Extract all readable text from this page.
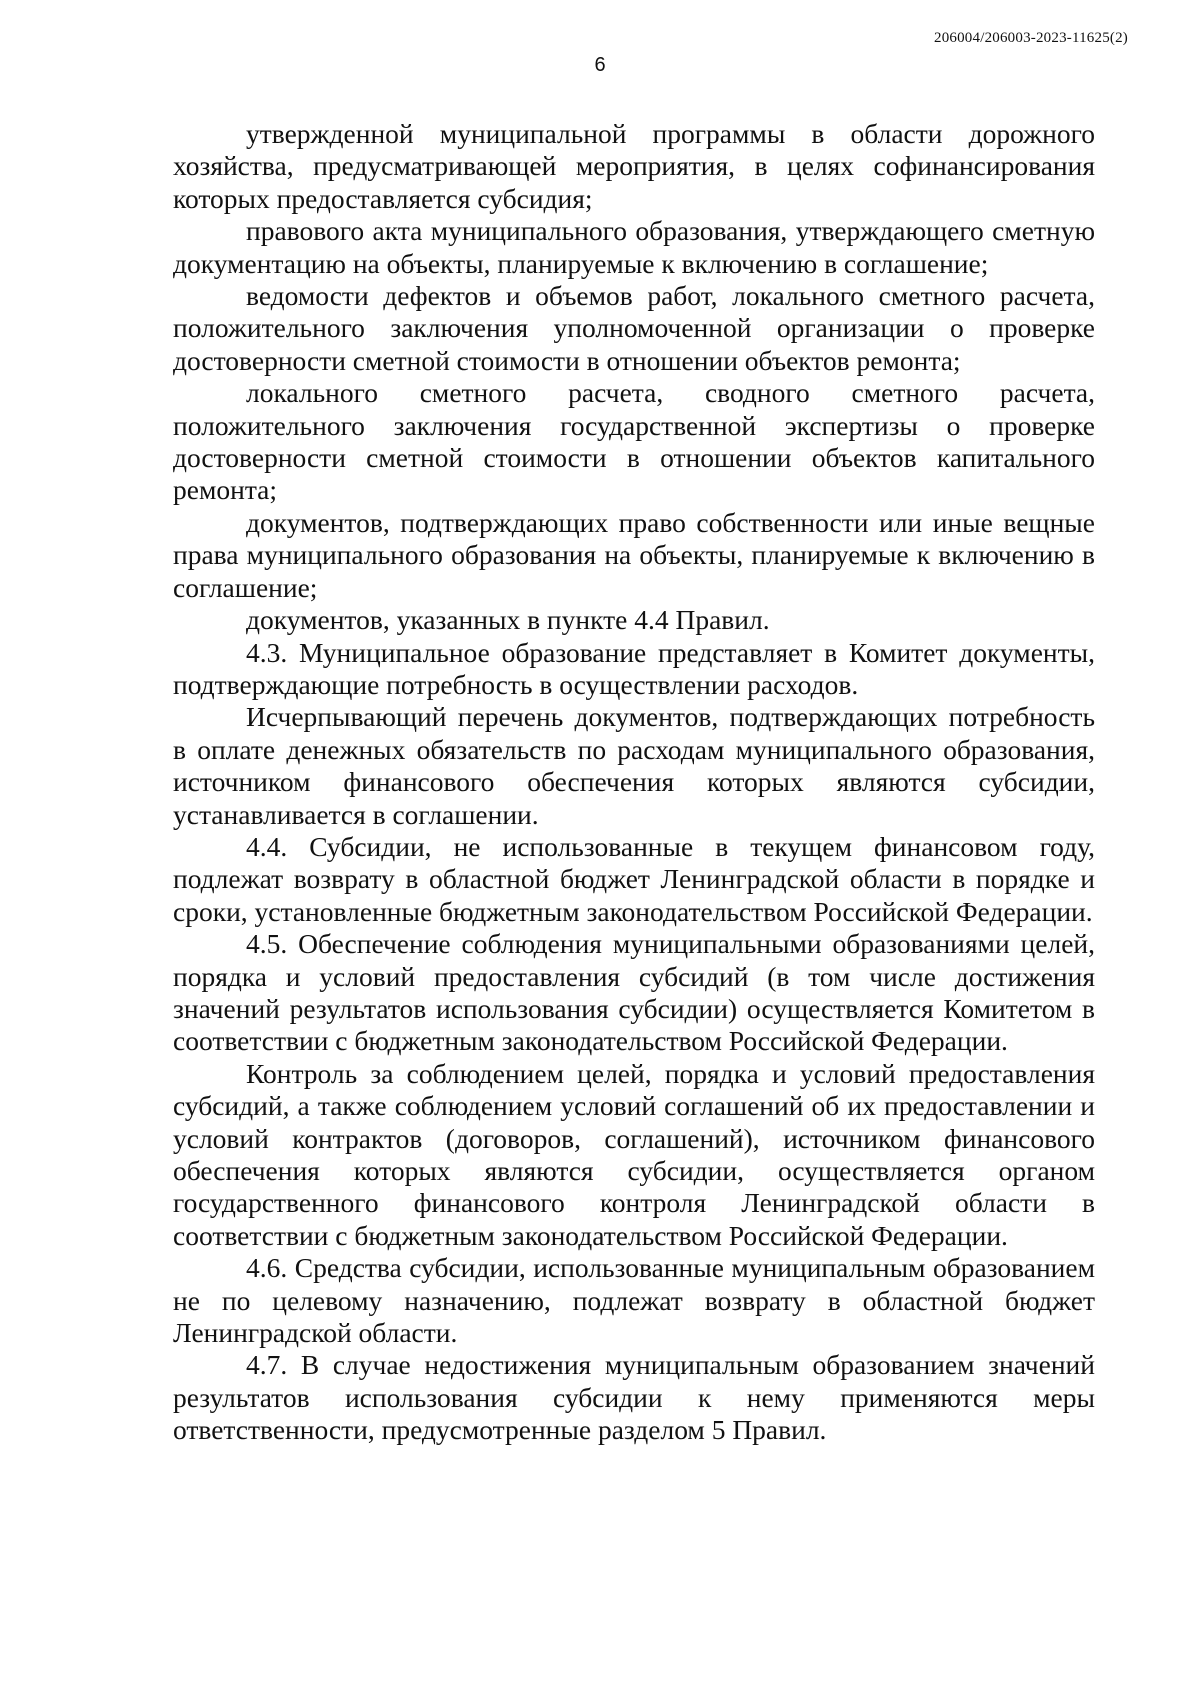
206004/206003-2023-11625(2)
6

утвержденной муниципальной программы в области дорожного хозяйства, предусматривающей мероприятия, в целях софинансирования которых предоставляется субсидия;

правового акта муниципального образования, утверждающего сметную документацию на объекты, планируемые к включению в соглашение;

ведомости дефектов и объемов работ, локального сметного расчета, положительного заключения уполномоченной организации о проверке достоверности сметной стоимости в отношении объектов ремонта;

локального сметного расчета, сводного сметного расчета, положительного заключения государственной экспертизы о проверке достоверности сметной стоимости в отношении объектов капитального ремонта;

документов, подтверждающих право собственности или иные вещные права муниципального образования на объекты, планируемые к включению в соглашение;

документов, указанных в пункте 4.4 Правил.

4.3. Муниципальное образование представляет в Комитет документы, подтверждающие потребность в осуществлении расходов.

Исчерпывающий перечень документов, подтверждающих потребность в оплате денежных обязательств по расходам муниципального образования, источником финансового обеспечения которых являются субсидии, устанавливается в соглашении.

4.4. Субсидии, не использованные в текущем финансовом году, подлежат возврату в областной бюджет Ленинградской области в порядке и сроки, установленные бюджетным законодательством Российской Федерации.

4.5. Обеспечение соблюдения муниципальными образованиями целей, порядка и условий предоставления субсидий (в том числе достижения значений результатов использования субсидии) осуществляется Комитетом в соответствии с бюджетным законодательством Российской Федерации.

Контроль за соблюдением целей, порядка и условий предоставления субсидий, а также соблюдением условий соглашений об их предоставлении и условий контрактов (договоров, соглашений), источником финансового обеспечения которых являются субсидии, осуществляется органом государственного финансового контроля Ленинградской области в соответствии с бюджетным законодательством Российской Федерации.

4.6. Средства субсидии, использованные муниципальным образованием не по целевому назначению, подлежат возврату в областной бюджет Ленинградской области.

4.7. В случае недостижения муниципальным образованием значений результатов использования субсидии к нему применяются меры ответственности, предусмотренные разделом 5 Правил.
